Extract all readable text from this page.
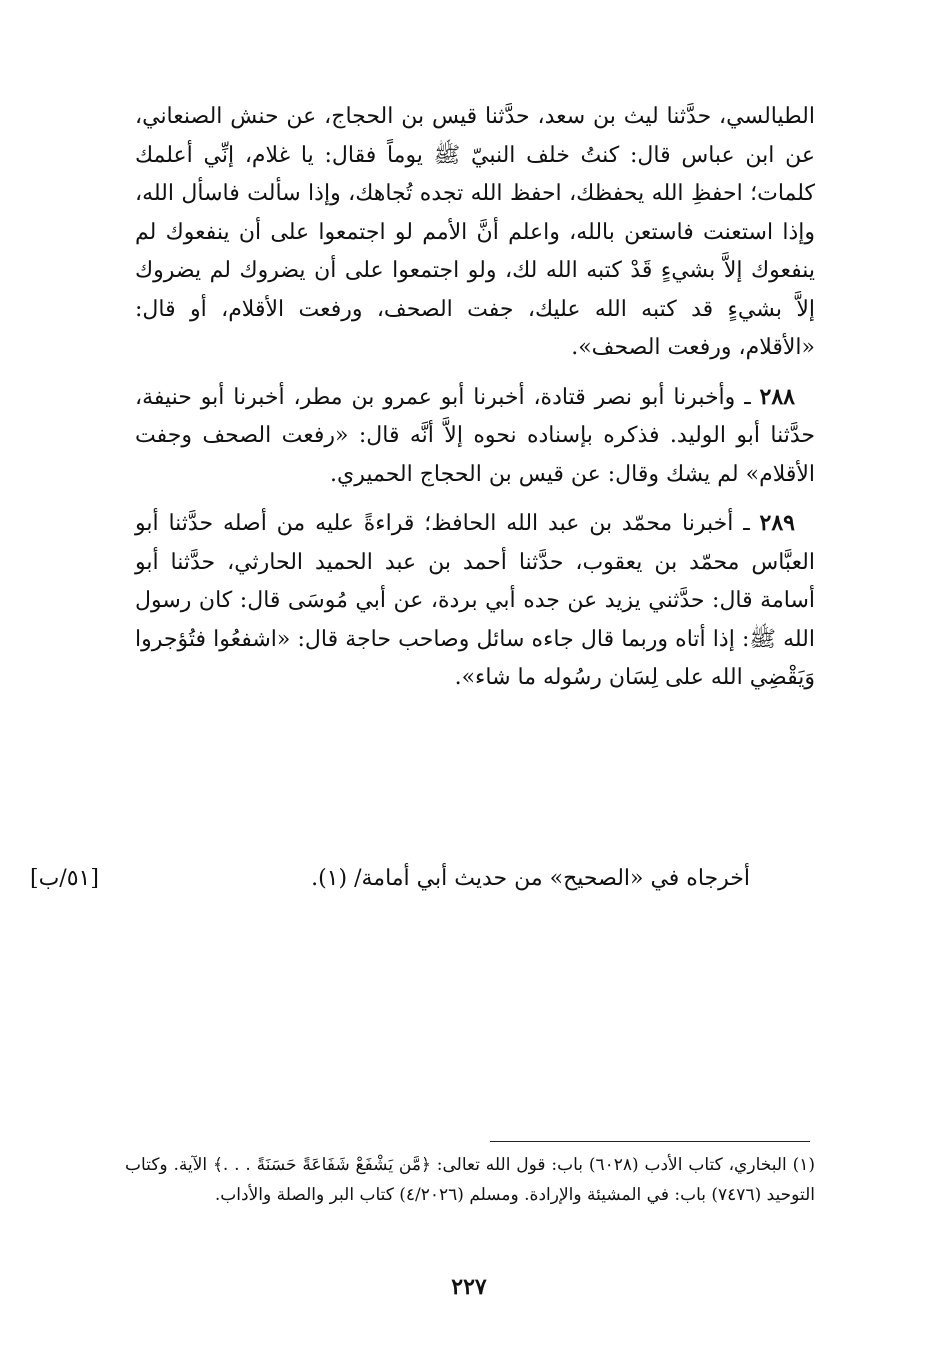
الطيالسي، حدَّثنا ليث بن سعد، حدَّثنا قيس بن الحجاج، عن حنش الصنعاني، عن ابن عباس قال: كنتُ خلف النبيّ ﷺ يوماً فقال: يا غلام، إنِّي أعلمك كلمات؛ احفظِ الله يحفظك، احفظ الله تجده تُجاهك، وإذا سألت فاسأل الله، وإذا استعنت فاستعن بالله، واعلم أنَّ الأمم لو اجتمعوا على أن ينفعوك لم ينفعوك إلاَّ بشيءٍ قَدْ كتبه الله لك، ولو اجتمعوا على أن يضروك لم يضروك إلاَّ بشيءٍ قد كتبه الله عليك، جفت الصحف، ورفعت الأقلام، أو قال: «الأقلام، ورفعت الصحف».

٢٨٨ ـ وأخبرنا أبو نصر قتادة، أخبرنا أبو عمرو بن مطر، أخبرنا أبو حنيفة، حدَّثنا أبو الوليد. فذكره بإسناده نحوه إلاَّ أنَّه قال: «رفعت الصحف وجفت الأقلام» لم يشك وقال: عن قيس بن الحجاج الحميري.

٢٨٩ ـ أخبرنا محمّد بن عبد الله الحافظ؛ قراءةً عليه من أصله حدَّثنا أبو العبَّاس محمّد بن يعقوب، حدَّثنا أحمد بن عبد الحميد الحارثي، حدَّثنا أبو أسامة قال: حدَّثني يزيد عن جده أبي بردة، عن أبي مُوسَى قال: كان رسول الله ﷺ: إذا أتاه وربما قال جاءه سائل وصاحب حاجة قال: «اشفعُوا فتُؤجروا وَيَقْضِي الله على لِسَان رسُوله ما شاء».

أخرجاه في «الصحيح» من حديث أبي أمامة/ (١).
[٥١/ب]

(١) البخاري، كتاب الأدب (٦٠٢٨) باب: قول الله تعالى: ﴿مَّن يَشْفَعْ شَفَاعَةً حَسَنَةً . . .﴾ الآية. وكتاب التوحيد (٧٤٧٦) باب: في المشيئة والإرادة. ومسلم (٤/٢٠٢٦) كتاب البر والصلة والأداب.

٢٢٧
